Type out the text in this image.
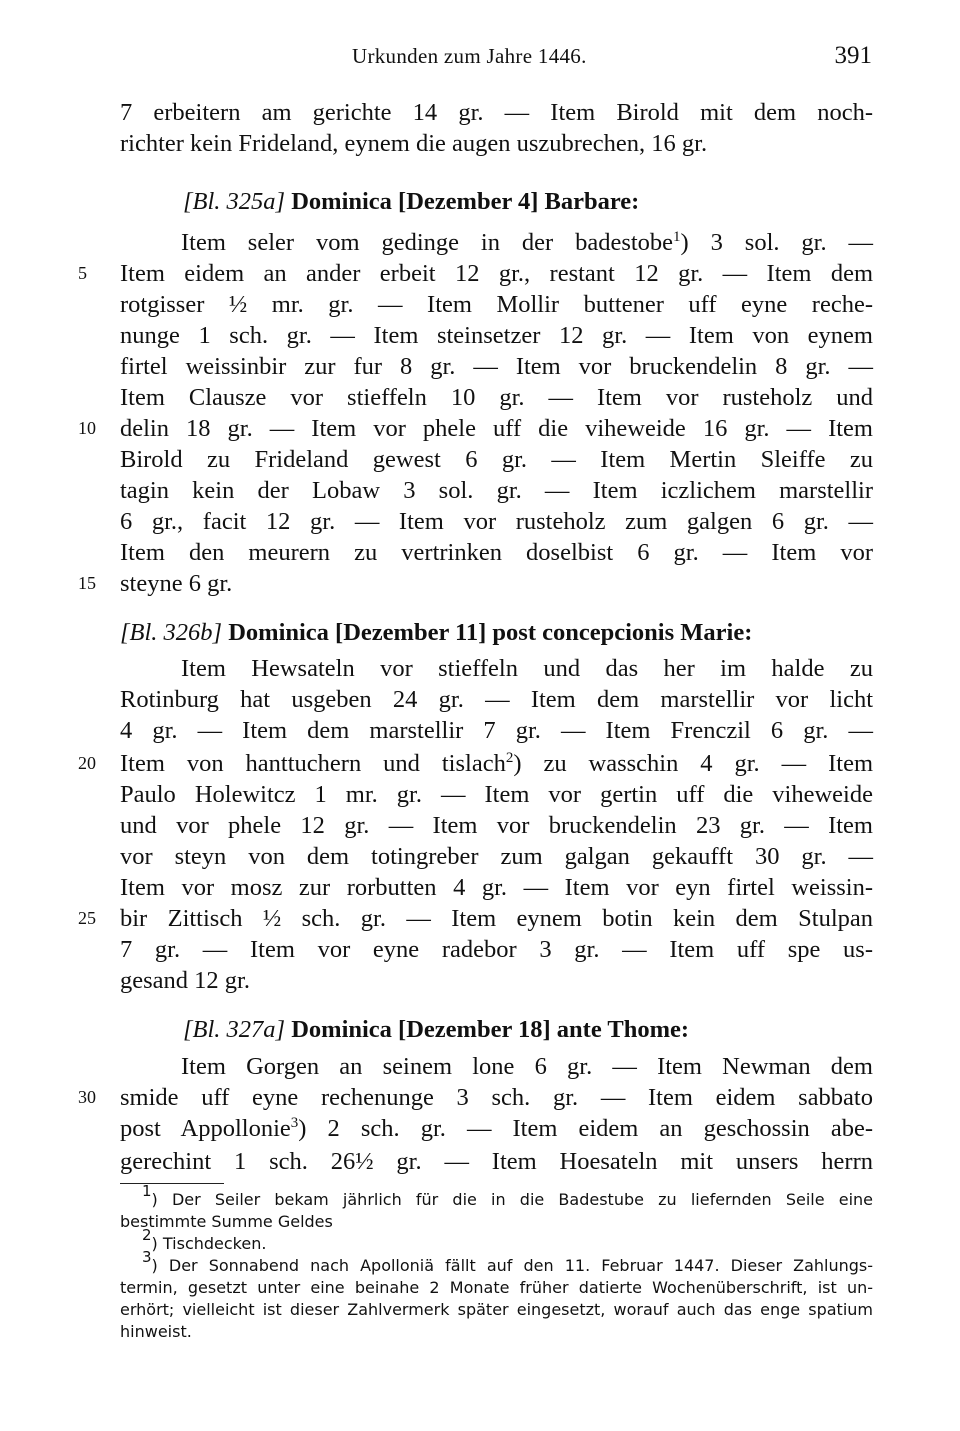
Urkunden zum Jahre 1446.	391
7 erbeitern am gerichte 14 gr. — Item Birold mit dem noch-
richter kein Frideland, eynem die augen uszubrechen, 16 gr.
[Bl. 325a] Dominica [Dezember 4] Barbare:
Item seler vom gedinge in der badestobe$^1$) 3 sol. gr. —
Item eidem an ander erbeit 12 gr., restant 12 gr. — Item dem
rotgisser ½ mr. gr. — Item Mollir buttener uff eyne reche-
nunge 1 sch. gr. — Item steinsetzer 12 gr. — Item von eynem
firtel weissinbir zur fur 8 gr. — Item vor bruckendelin 8 gr. —
Item Clausze vor stieffeln 10 gr. — Item vor rusteholz und
delin 18 gr. — Item vor phele uff die viheweide 16 gr. — Item
Birold zu Frideland gewest 6 gr. — Item Mertin Sleiffe zu
tagin kein der Lobaw 3 sol. gr. — Item iczlichem marstellir
6 gr., facit 12 gr. — Item vor rusteholz zum galgen 6 gr. —
Item den meurern zu vertrinken doselbist 6 gr. — Item vor
steyne 6 gr.
[Bl. 326b] Dominica [Dezember 11] post concepcionis Marie:
Item Hewsateln vor stieffeln und das her im halde zu
Rotinburg hat usgeben 24 gr. — Item dem marstellir vor licht
4 gr. — Item dem marstellir 7 gr. — Item Frenczil 6 gr. —
Item von hanttuchern und tislach$^2$) zu wasschin 4 gr. — Item
Paulo Holewitcz 1 mr. gr. — Item vor gertin uff die viheweide
und vor phele 12 gr. — Item vor bruckendelin 23 gr. — Item
vor steyn von dem totingreber zum galgan gekaufft 30 gr. —
Item vor mosz zur rorbutten 4 gr. — Item vor eyn firtel weissin-
bir Zittisch ½ sch. gr. — Item eynem botin kein dem Stulpan
7 gr. — Item vor eyne radebor 3 gr. — Item uff spe us-
gesand 12 gr.
[Bl. 327a] Dominica [Dezember 18] ante Thome:
Item Gorgen an seinem lone 6 gr. — Item Newman dem
smide uff eyne rechenunge 3 sch. gr. — Item eidem sabbato
post Appollonie$^3$) 2 sch. gr. — Item eidem an geschossin abe-
gerechint 1 sch. 26½ gr. — Item Hoesateln mit unsers herrn
5
10
15
20
25
30
$^1$) Der Seiler bekam jährlich für die in die Badestube zu liefernden Seile eine
bestimmte Summe Geldes
$^2$) Tischdecken.
$^3$) Der Sonnabend nach Apolloniä fällt auf den 11. Februar 1447. Dieser Zahlungs-
termin, gesetzt unter eine beinahe 2 Monate früher datierte Wochenüberschrift, ist un-
erhört; vielleicht ist dieser Zahlvermerk später eingesetzt, worauf auch das enge spatium
hinweist.
